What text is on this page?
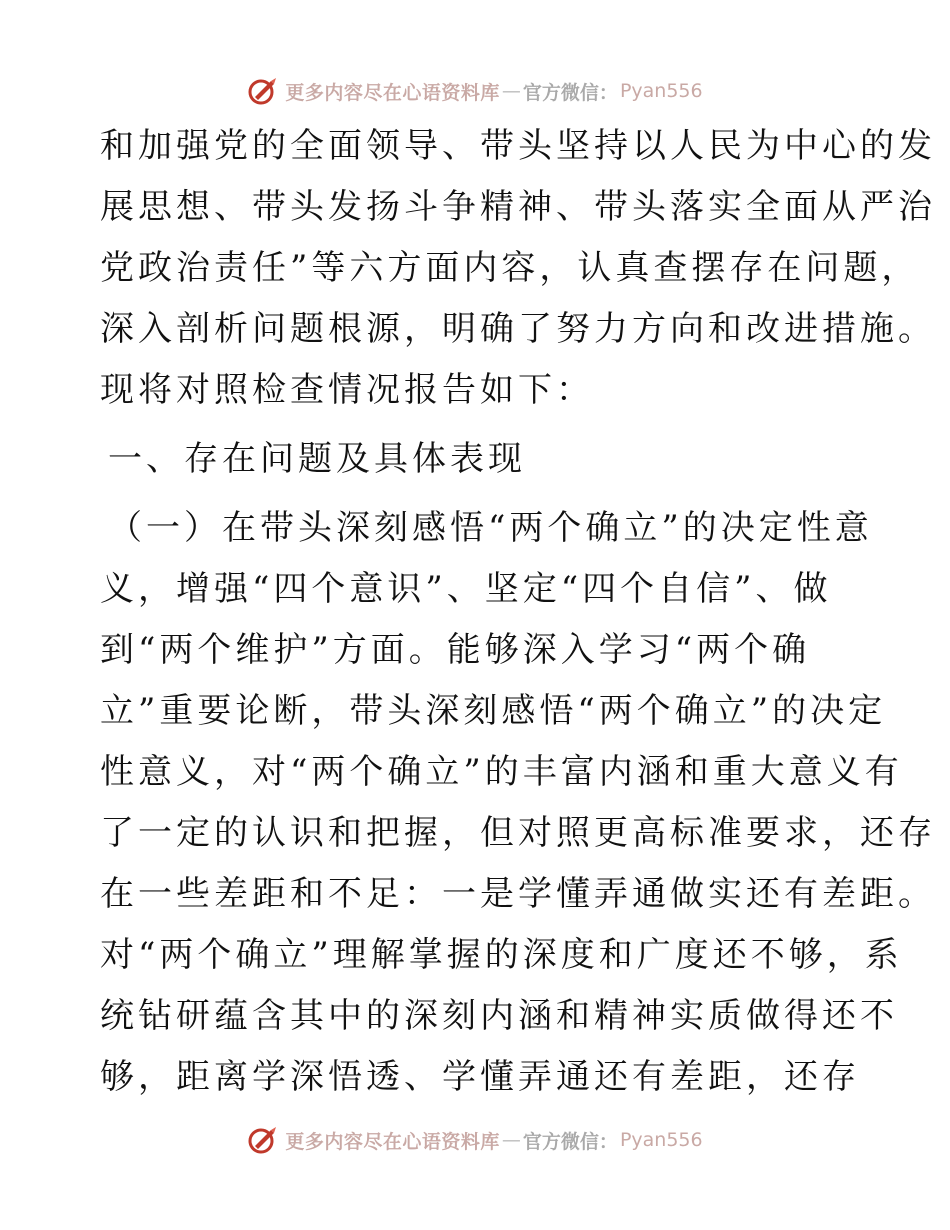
更多内容尽在心语资料库 — 官方微信： Pyan556
和加强党的全面领导、带头坚持以人民为中心的发
展思想、带头发扬斗争精神、带头落实全面从严治
党政治责任”等六方面内容，认真查摆存在问题，
深入剖析问题根源，明确了努力方向和改进措施。
现将对照检查情况报告如下：
一、存在问题及具体表现
（一）在带头深刻感悟“两个确立”的决定性意
义，增强“四个意识”、坚定“四个自信”、做
到“两个维护”方面。能够深入学习“两个确
立”重要论断，带头深刻感悟“两个确立”的决定
性意义，对“两个确立”的丰富内涵和重大意义有
了一定的认识和把握，但对照更高标准要求，还存
在一些差距和不足：一是学懂弄通做实还有差距。
对“两个确立”理解掌握的深度和广度还不够，系
统钻研蕴含其中的深刻内涵和精神实质做得还不
够，距离学深悟透、学懂弄通还有差距，还存
更多内容尽在心语资料库 — 官方微信： Pyan556
